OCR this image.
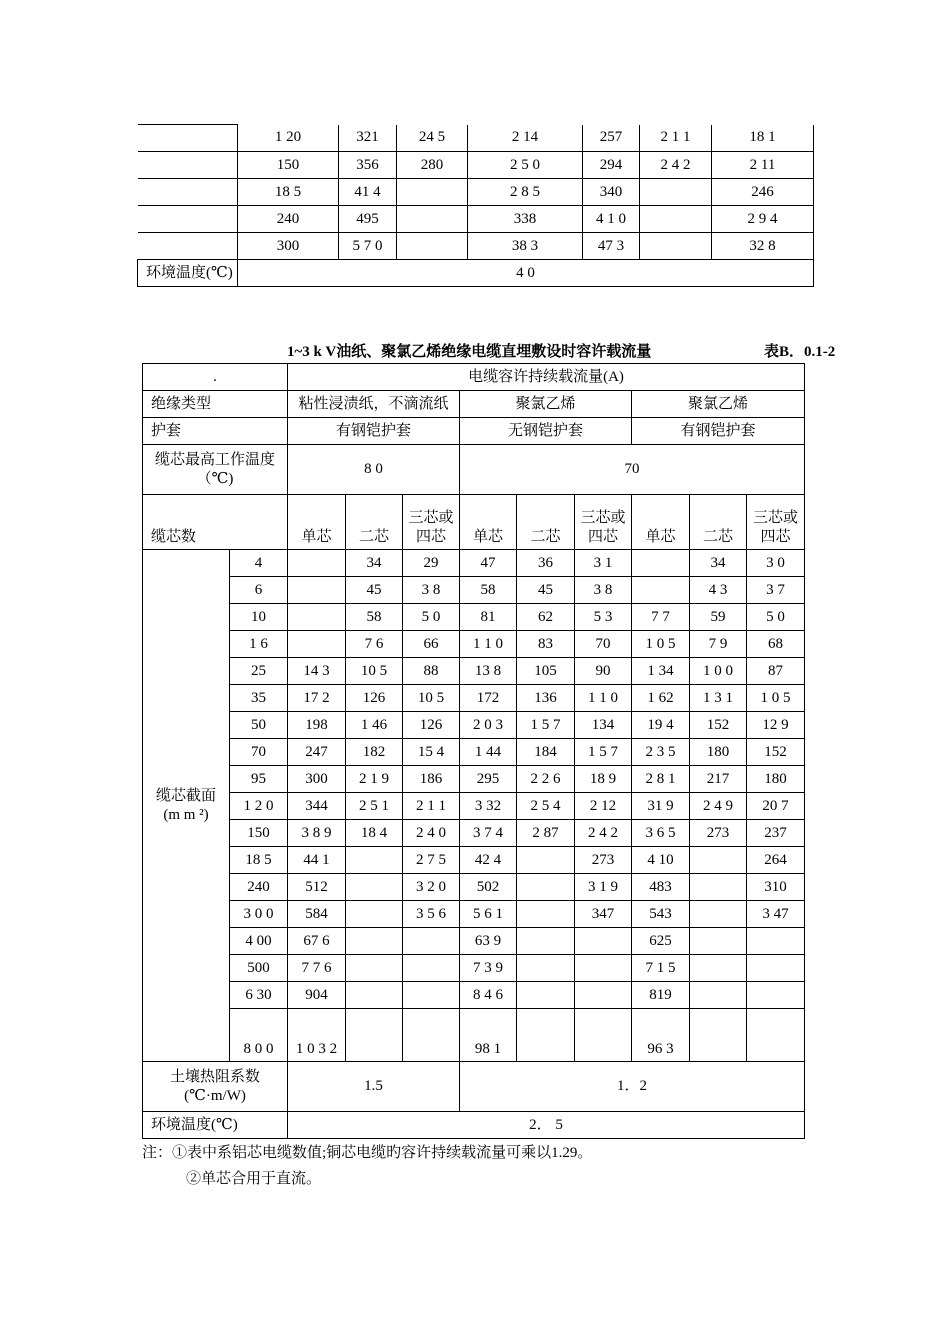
	1 20	321	24 5	2 14	257	2 1 1	18 1
	150	356	280	2 5 0	294	2 4 2	2 11
	18 5	41 4		2 8 5	340		246
	240	495		338	4 1 0		2 9 4
	300	5 7 0		38 3	47 3		32 8
环境温度(℃)	4 0						
1~3 k V油纸、聚氯乙烯绝缘电缆直埋敷设时容许载流量	表B．0.1-2
.		电缆容许持续载流量(A)								
绝缘类型		粘性浸渍纸，不滴流纸			聚氯乙烯			聚氯乙烯		
护套		有钢铠护套			无钢铠护套			有钢铠护套		
缆芯最高工作温度（℃)		8 0			70					
缆芯数		单芯	二芯	三芯或四芯	单芯	二芯	三芯或四芯	单芯	二芯	三芯或四芯
缆芯截面(m m ²)	4		34	29	47	36	3 1		34	3 0
	6		45	3 8	58	45	3 8		4 3	3 7
	10		58	5 0	81	62	5 3	7 7	59	5 0
	1 6		7 6	66	1 1 0	83	70	1 0 5	7 9	68
	25	14 3	10 5	88	13 8	105	90	1 34	1 0 0	87
	35	17 2	126	10 5	172	136	1 1 0	1 62	1 3 1	1 0 5
	50	198	1 46	126	2 0 3	1 5 7	134	19 4	152	12 9
	70	247	182	15 4	1 44	184	1 5 7	2 3 5	180	152
	95	300	2 1 9	186	295	2 2 6	18 9	2 8 1	217	180
	1 2 0	344	2 5 1	2 1 1	3 32	2 5 4	2 12	31 9	2 4 9	20 7
	150	3 8 9	18 4	2 4 0	3 7 4	2 87	2 4 2	3 6 5	273	237
	18 5	44 1		2 7 5	42 4		273	4 10		264
	240	512		3 2 0	502		3 1 9	483		310
	3 0 0	584		3 5 6	5 6 1		347	543		3 47
	4 00	67 6			63 9			625		
	500	7 7 6			7 3 9			7 1 5		
	6 30	904			8 4 6			819		
	8 0 0	1 0 3 2			98 1			96 3		
土壤热阻系数(℃·m/W)		1.5			1．2					
环境温度(℃)		2． 5								
注：①表中系铝芯电缆数值;铜芯电缆旳容许持续载流量可乘以1.29。
②单芯合用于直流。
